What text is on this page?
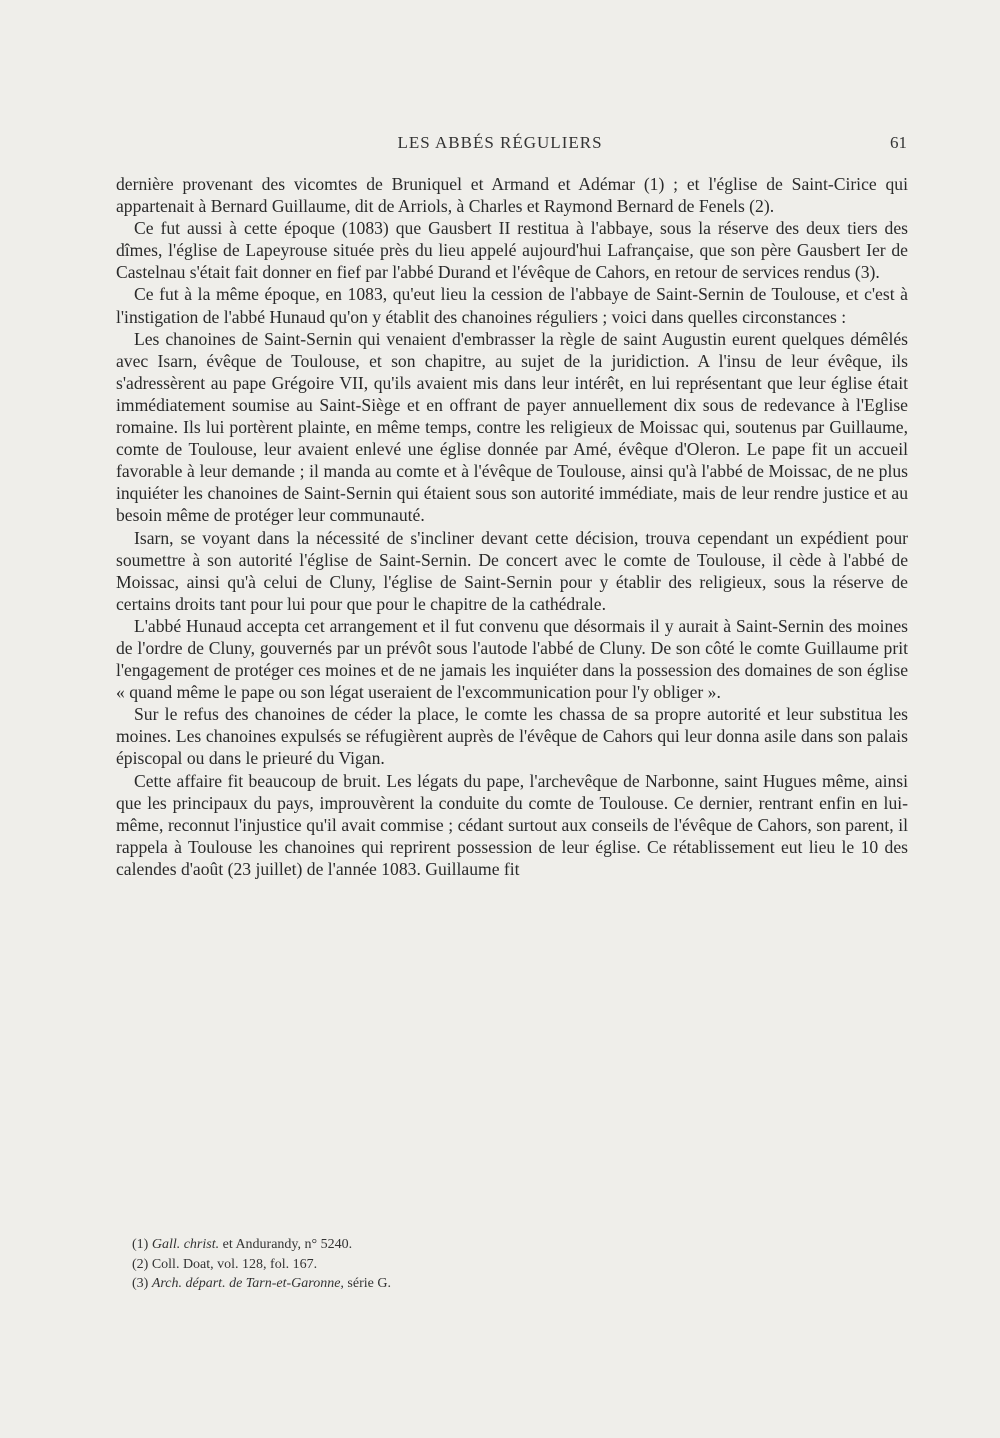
LES ABBÉS RÉGULIERS	61

dernière provenant des vicomtes de Bruniquel et Armand et Adémar (1) ; et l'église de Saint-Cirice qui appartenait à Bernard Guillaume, dit de Arriols, à Charles et Raymond Bernard de Fenels (2).

Ce fut aussi à cette époque (1083) que Gausbert II restitua à l'abbaye, sous la réserve des deux tiers des dîmes, l'église de Lapeyrouse située près du lieu appelé aujourd'hui Lafrançaise, que son père Gausbert Ier de Castelnau s'était fait donner en fief par l'abbé Durand et l'évêque de Cahors, en retour de services rendus (3).

Ce fut à la même époque, en 1083, qu'eut lieu la cession de l'abbaye de Saint-Sernin de Toulouse, et c'est à l'instigation de l'abbé Hunaud qu'on y établit des chanoines réguliers ; voici dans quelles circonstances :

Les chanoines de Saint-Sernin qui venaient d'embrasser la règle de saint Augustin eurent quelques démêlés avec Isarn, évêque de Toulouse, et son chapitre, au sujet de la juridiction. A l'insu de leur évêque, ils s'adressèrent au pape Grégoire VII, qu'ils avaient mis dans leur intérêt, en lui représentant que leur église était immédiatement soumise au Saint-Siège et en offrant de payer annuellement dix sous de redevance à l'Eglise romaine. Ils lui portèrent plainte, en même temps, contre les religieux de Moissac qui, soutenus par Guillaume, comte de Toulouse, leur avaient enlevé une église donnée par Amé, évêque d'Oleron. Le pape fit un accueil favorable à leur demande ; il manda au comte et à l'évêque de Toulouse, ainsi qu'à l'abbé de Moissac, de ne plus inquiéter les chanoines de Saint-Sernin qui étaient sous son autorité immédiate, mais de leur rendre justice et au besoin même de protéger leur communauté.

Isarn, se voyant dans la nécessité de s'incliner devant cette décision, trouva cependant un expédient pour soumettre à son autorité l'église de Saint-Sernin. De concert avec le comte de Toulouse, il cède à l'abbé de Moissac, ainsi qu'à celui de Cluny, l'église de Saint-Sernin pour y établir des religieux, sous la réserve de certains droits tant pour lui pour que pour le chapitre de la cathédrale.

L'abbé Hunaud accepta cet arrangement et il fut convenu que désormais il y aurait à Saint-Sernin des moines de l'ordre de Cluny, gouvernés par un prévôt sous l'autode l'abbé de Cluny. De son côté le comte Guillaume prit l'engagement de protéger ces moines et de ne jamais les inquiéter dans la possession des domaines de son église « quand même le pape ou son légat useraient de l'excommunication pour l'y obliger ».

Sur le refus des chanoines de céder la place, le comte les chassa de sa propre autorité et leur substitua les moines. Les chanoines expulsés se réfugièrent auprès de l'évêque de Cahors qui leur donna asile dans son palais épiscopal ou dans le prieuré du Vigan.

Cette affaire fit beaucoup de bruit. Les légats du pape, l'archevêque de Narbonne, saint Hugues même, ainsi que les principaux du pays, improuvèrent la conduite du comte de Toulouse. Ce dernier, rentrant enfin en lui-même, reconnut l'injustice qu'il avait commise ; cédant surtout aux conseils de l'évêque de Cahors, son parent, il rappela à Toulouse les chanoines qui reprirent possession de leur église. Ce rétablissement eut lieu le 10 des calendes d'août (23 juillet) de l'année 1083. Guillaume fit

(1) Gall. christ. et Andurandy, n° 5240.

(2) Coll. Doat, vol. 128, fol. 167.

(3) Arch. départ. de Tarn-et-Garonne, série G.
